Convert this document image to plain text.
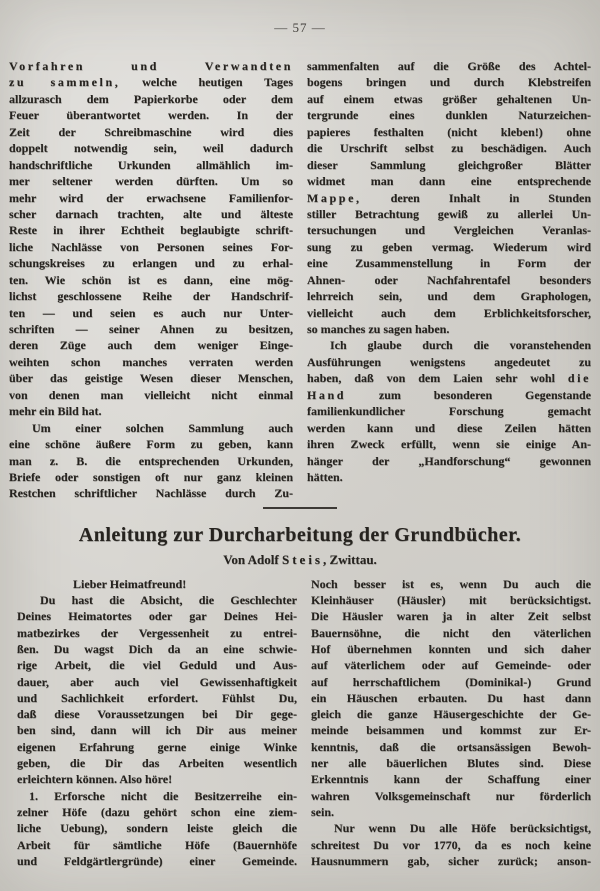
— 57 —
Vorfahren und Verwandten
zu sammeln, welche heutigen Tages
allzurasch dem Papierkorbe oder dem
Feuer überantwortet werden. In der
Zeit der Schreibmaschine wird dies
doppelt notwendig sein, weil dadurch
handschriftliche Urkunden allmählich im-
mer seltener werden dürften. Um so
mehr wird der erwachsene Familienfor-
scher darnach trachten, alte und älteste
Reste in ihrer Echtheit beglaubigte schrift-
liche Nachlässe von Personen seines For-
schungskreises zu erlangen und zu erhal-
ten. Wie schön ist es dann, eine mög-
lichst geschlossene Reihe der Handschrif-
ten — und seien es auch nur Unter-
schriften — seiner Ahnen zu besitzen,
deren Züge auch dem weniger Einge-
weihten schon manches verraten werden
über das geistige Wesen dieser Menschen,
von denen man vielleicht nicht einmal
mehr ein Bild hat.
Um einer solchen Sammlung auch
eine schöne äußere Form zu geben, kann
man z. B. die entsprechenden Urkunden,
Briefe oder sonstigen oft nur ganz kleinen
Restchen schriftlicher Nachlässe durch Zu-
sammenfalten auf die Größe des Achtel-
bogens bringen und durch Klebstreifen
auf einem etwas größer gehaltenen Un-
tergrunde eines dunklen Naturzeichen-
papieres festhalten (nicht kleben!) ohne
die Urschrift selbst zu beschädigen. Auch
dieser Sammlung gleichgroßer Blätter
widmet man dann eine entsprechende
Mappe, deren Inhalt in Stunden
stiller Betrachtung gewiß zu allerlei Un-
tersuchungen und Vergleichen Veranlas-
sung zu geben vermag. Wiederum wird
eine Zusammenstellung in Form der
Ahnen- oder Nachfahrentafel besonders
lehrreich sein, und dem Graphologen,
vielleicht auch dem Erblichkeitsforscher,
so manches zu sagen haben.
Ich glaube durch die voranstehenden
Ausführungen wenigstens angedeutet zu
haben, daß von dem Laien sehr wohl die
Hand zum besonderen Gegenstande
familienkundlicher Forschung gemacht
werden kann und diese Zeilen hätten
ihren Zweck erfüllt, wenn sie einige An-
hänger der „Handforschung“ gewonnen
hätten.
Anleitung zur Durcharbeitung der Grundbücher.
Von Adolf Steis, Zwittau.
Lieber Heimatfreund!
Du hast die Absicht, die Geschlechter
Deines Heimatortes oder gar Deines Hei-
matbezirkes der Vergessenheit zu entrei-
ßen. Du wagst Dich da an eine schwie-
rige Arbeit, die viel Geduld und Aus-
dauer, aber auch viel Gewissenhaftigkeit
und Sachlichkeit erfordert. Fühlst Du,
daß diese Voraussetzungen bei Dir gege-
ben sind, dann will ich Dir aus meiner
eigenen Erfahrung gerne einige Winke
geben, die Dir das Arbeiten wesentlich
erleichtern können. Also höre!
1. Erforsche nicht die Besitzerreihe ein-
zelner Höfe (dazu gehört schon eine ziem-
liche Uebung), sondern leiste gleich die
Arbeit für sämtliche Höfe (Bauernhöfe
und Feldgärtlergründe) einer Gemeinde.
Noch besser ist es, wenn Du auch die
Kleinhäuser (Häusler) mit berücksichtigst.
Die Häusler waren ja in alter Zeit selbst
Bauernsöhne, die nicht den väterlichen
Hof übernehmen konnten und sich daher
auf väterlichem oder auf Gemeinde- oder
auf herrschaftlichem (Dominikal-) Grund
ein Häuschen erbauten. Du hast dann
gleich die ganze Häusergeschichte der Ge-
meinde beisammen und kommst zur Er-
kenntnis, daß die ortsansässigen Bewoh-
ner alle bäuerlichen Blutes sind. Diese
Erkenntnis kann der Schaffung einer
wahren Volksgemeinschaft nur förderlich
sein.
Nur wenn Du alle Höfe berücksichtigst,
schreitest Du vor 1770, da es noch keine
Hausnummern gab, sicher zurück; anson-
